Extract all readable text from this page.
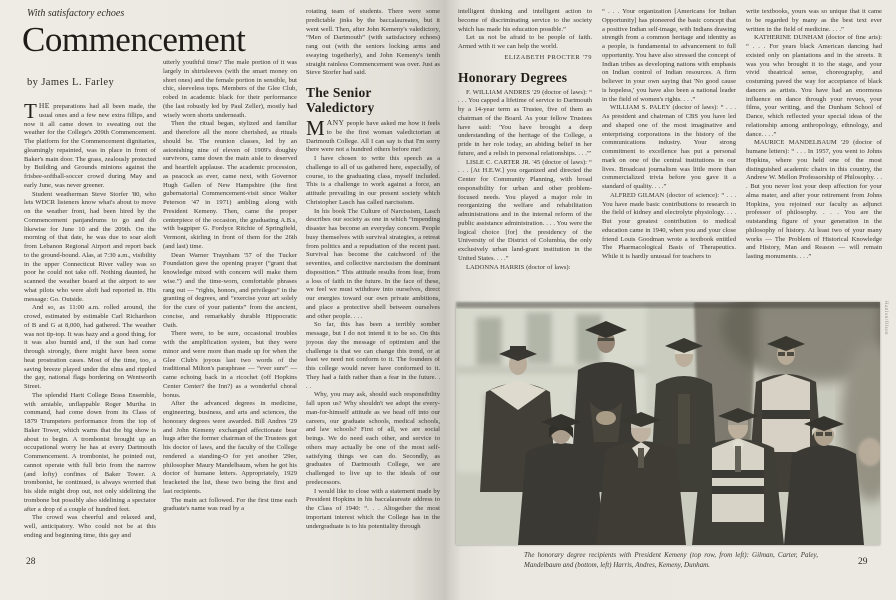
With satisfactory echoes
Commencement
by James L. Farley

THE preparations had all been made, the usual ones and a few new extra fillips, and now it all came down to sweating out the weather for the College's 209th Commencement. The platform for the Commencement dignitaries, gleamingly repainted, was in place in front of Baker's main door. The grass, zealously protected by Building and Grounds minions against the frisbee-softball-soccer crowd during May and early June, was never greener.

Student weatherman Steve Storfer '80, who lets WDCR listeners know what's about to move on the weather front, had been hired by the Commencement panjandrums to go and do likewise for June 10 and the 209th. On the morning of that date, he was due to soar aloft from Lebanon Regional Airport and report back to the ground-bound. Alas, at 7:30 a.m., visibility in the upper Connecticut River valley was so poor he could not take off. Nothing daunted, he scanned the weather board at the airport to see what pilots who were aloft had reported in. His message: Go. Outside.

And so, as 11:00 a.m. rolled around, the crowd, estimated by estimable Carl Richardson of B and G at 8,000, had gathered. The weather was not tip-top. It was hazy and a good thing, for it was also humid and, if the sun had come through strongly, there might have been some heat prostration cases. Most of the time, too, a saving breeze played under the elms and rippled the gay, national flags bordering on Wentworth Street.

The splendid Hartt College Brass Ensemble, with amiable, unflappable Roger Murtha in command, had come down from its Class of 1879 Trumpeters performance from the top of Baker Tower, which warns that the big show is about to begin. A trombonist brought up an occupational worry he has at every Dartmouth Commencement. A trombonist, he pointed out, cannot operate with full brio from the narrow (and lofty) confines of Baker Tower. A trombonist, he continued, is always worried that his slide might drop out, not only sidelining the trombone but possibly also sidelining a spectator after a drop of a couple of hundred feet.

The crowd was cheerful and relaxed and, well, anticipatory. Who could not be at this ending and beginning time, this gay and

utterly youthful time? The male portion of it was largely in shirtsleeves (with the smart money on short ones) and the female portion in sensible, but chic, sleeveless tops. Members of the Glee Club, robed in academic black for their performance (the last robustly led by Paul Zeller), mostly had wisely worn shorts underneath.

Then the ritual began, stylized and familiar and therefore all the more cherished, as rituals should be. The reunion classes, led by an astonishing nine of eleven of 1909's doughty survivors, came down the main aisle to deserved and heartfelt applause. The academic procession, as peacock as ever, came next, with Governor Hugh Gallen of New Hampshire (the first gubernatorial Commencement-visit since Walter Peterson '47 in 1971) ambling along with President Kemeny. Then, came the proper centerpiece of the occasion, the graduating A.B.s, with bagpiper G. Fordyce Ritchie of Springfield, Vermont, skirling in front of them for the 26th (and last) time.

Dean Warner Traynham '57 of the Tucker Foundation gave the opening prayer (“grant that knowledge mixed with concern will make them wise.”) and the time-worn, comfortable phrases rang out — “rights, honors, and privileges” in the granting of degrees, and “exercise your art solely for the cure of your patients” from the ancient, concise, and remarkably durable Hippocratic Oath.

There were, to be sure, occasional troubles with the amplification system, but they were minor and were more than made up for when the Glee Club's joyous last two words of the traditional Milton's paraphrase — “ever sure” — came echoing back in a ricochet (off Hopkins Center Center? the Inn?) as a wonderful choral bonus.

After the advanced degrees in medicine, engineering, business, and arts and sciences, the honorary degrees were awarded. Bill Andres '29 and John Kemeny exchanged affectionate bear hugs after the former chairman of the Trustees got his doctor of laws, and the faculty of the College rendered a standing-O for yet another '29er, philosopher Maury Mandelbaum, when he got his doctor of humane letters. Appropriately, 1929 bracketed the list, these two being the first and last recipients.

The main act followed. For the first time each graduate's name was read by a

rotating team of students. There were some predictable jinks by the baccalaureates, but it went well. Then, after John Kemeny's valedictory, “Men of Dartmouth” (with satisfactory echoes) rang out (with the seniors locking arms and swaying togetherly), and John Kemeny's tenth straight rainless Commencement was over. Just as Steve Storfer had said.

The Senior Valedictory

MANY people have asked me how it feels to be the first woman valedictorian at Dartmouth College. All I can say is that I'm sorry there were not a hundred others before me!

I have chosen to write this speech as a challenge to all of us gathered here, especially, of course, to the graduating class, myself included. This is a challenge to work against a force, an attitude prevailing in our present society which Christopher Lasch has called narcissism.

In his book The Culture of Narcissism, Lasch describes our society as one in which “impending disaster has become an everyday concern. People busy themselves with survival strategies, a retreat from politics and a repudiation of the recent past. Survival has become the catchword of the seventies, and collective narcissism the dominant disposition.” This attitude results from fear, from a loss of faith in the future. In the face of these, we feel we must withdraw into ourselves, direct our energies toward our own private ambitions, and place a protective shell between ourselves and other people. . . .

So far, this has been a terribly somber message, but I do not intend it to be so. On this joyous day the message of optimism and the challenge is that we can change this trend, or at least we need not conform to it. The founders of this college would never have conformed to it. They had a faith rather than a fear in the future. . . .

Why, you may ask, should such responsibility fall upon us? Why shouldn't we adopt the every-man-for-himself attitude as we head off into our careers, our graduate schools, medical schools, and law schools? First of all, we are social beings. We do need each other, and service to others may actually be one of the most self-satisfying things we can do. Secondly, as graduates of Dartmouth College, we are challenged to live up to the ideals of our predecessors.

I would like to close with a statement made by President Hopkins in his baccalaureate address to the Class of 1940: “. . . Altogether the most important interest which the College has in the undergraduate is to his potentiality through

28

intelligent thinking and intelligent action to become of discriminating service to the society which has made his education possible.”

Let us not be afraid to be people of faith. Armed with it we can help the world.

ELIZABETH PROCTER '79
Honorary Degrees

F. WILLIAM ANDRES '29 (doctor of laws): “ . . . You capped a lifetime of service to Dartmouth by a 14-year term as Trustee, five of them as chairman of the Board. As your fellow Trustees have said: 'You have brought a deep understanding of the heritage of the College, a pride in her role today, an abiding belief in her future, and a relish in personal relationships. . . .'”

LISLE C. CARTER JR. '45 (doctor of laws): “ . . . [At H.E.W.] you organized and directed the Center for Community Planning, with broad responsibility for urban and other problem-focused needs. You played a major role in reorganizing the welfare and rehabilitation administrations and in the internal reform of the public assistance administration. . . . You were the logical choice [for] the presidency of the University of the District of Columbia, the only exclusively urban land-grant institution in the United States. . . .”

LADONNA HARRIS (doctor of laws):

“ . . . Your organization [Americans for Indian Opportunity] has pioneered the basic concept that a positive Indian self-image, with Indians drawing strength from a common heritage and identity as a people, is fundamental to advancement to full opportunity. You have also stressed the concept of Indian tribes as developing nations with emphasis on Indian control of Indian resources. A firm believer in your own saying that 'No good cause is hopeless,' you have also been a national leader in the field of women's rights. . . .”

WILLIAM S. PALEY (doctor of laws): “ . . . As president and chairman of CBS you have led and shaped one of the most imaginative and enterprising corporations in the history of the communications industry. Your strong commitment to excellence has put a personal mark on one of the central institutions in our lives. Broadcast journalism was little more than commercialized trivia before you gave it a standard of quality. . . .”

ALFRED GILMAN (doctor of science): “ . . . You have made basic contributions to research in the field of kidney and electrolyte physiology. . . . But your greatest contribution to medical education came in 1940, when you and your close friend Louis Goodman wrote a textbook entitled The Pharmacological Basis of Therapeutics. While it is hardly unusual for teachers to

write textbooks, yours was so unique that it came to be regarded by many as the best text ever written in the field of medicine. . . .”

KATHERINE DUNHAM (doctor of fine arts): “ . . . For years black American dancing had existed only on plantations and in the streets. It was you who brought it to the stage, and your vivid theatrical sense, choreography, and costuming paved the way for acceptance of black dancers as artists. You have had an enormous influence on dance through your revues, your films, your writing, and the Dunham School of Dance, which reflected your special ideas of the relationship among anthropology, ethnology, and dance. . . .”

MAURICE MANDELBAUM '29 (doctor of humane letters): “ . . . In 1957, you went to Johns Hopkins, where you held one of the most distinguished academic chairs in this country, the Andrew W. Mellon Professorship of Philosophy. . . . But you never lost your deep affection for your alma mater, and after your retirement from Johns Hopkins, you rejoined our faculty as adjunct professor of philosophy. . . . You are the outstanding figure of your generation in the philosophy of history. At least two of your many works — The Problem of Historical Knowledge and History, Man and Reason — will remain lasting monuments. . . .”

Hanlon/Olson
The honorary degree recipients with President Kemeny (top row, from left): Gilman, Carter, Paley, Mandelbaum and (bottom, left) Harris, Andres, Kemeny, Dunham.	29
